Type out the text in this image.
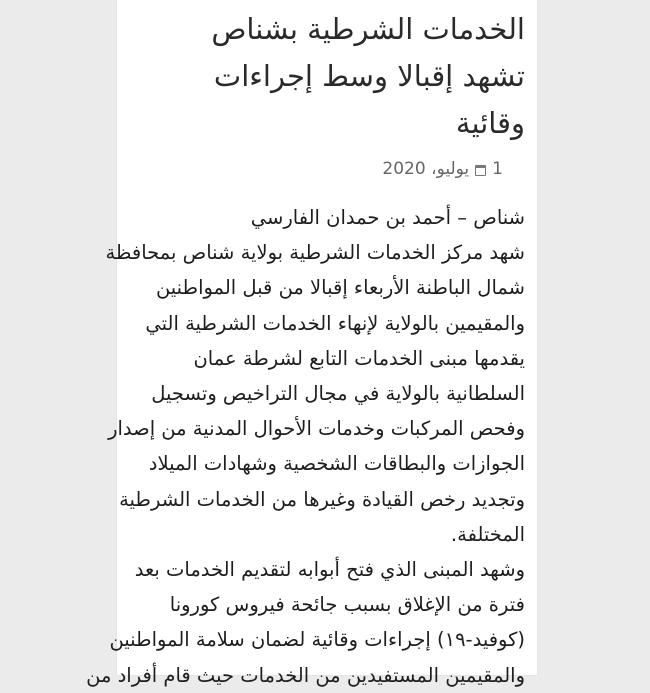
الخدمات الشرطية بشناص
تشهد إقبالا وسط إجراءات
وقائية
1
يوليو، 2020

شناص – أحمد بن حمدان الفارسي

شهد مركز الخدمات الشرطية بولاية شناص بمحافظة
شمال الباطنة الأربعاء إقبالا من قبل المواطنين
والمقيمين بالولاية لإنهاء الخدمات الشرطية التي
يقدمها مبنى الخدمات التابع لشرطة عمان
السلطانية بالولاية في مجال التراخيص وتسجيل
وفحص المركبات وخدمات الأحوال المدنية من إصدار
الجوازات والبطاقات الشخصية وشهادات الميلاد
وتجديد رخص القيادة وغيرها من الخدمات الشرطية
المختلفة.

وشهد المبنى الذي فتح أبوابه لتقديم الخدمات بعد
فترة من الإغلاق بسبب جائحة فيروس كورونا
(كوفيد-١٩) إجراءات وقائية لضمان سلامة المواطنين
والمقيمين المستفيدين من الخدمات حيث قام أفراد من
